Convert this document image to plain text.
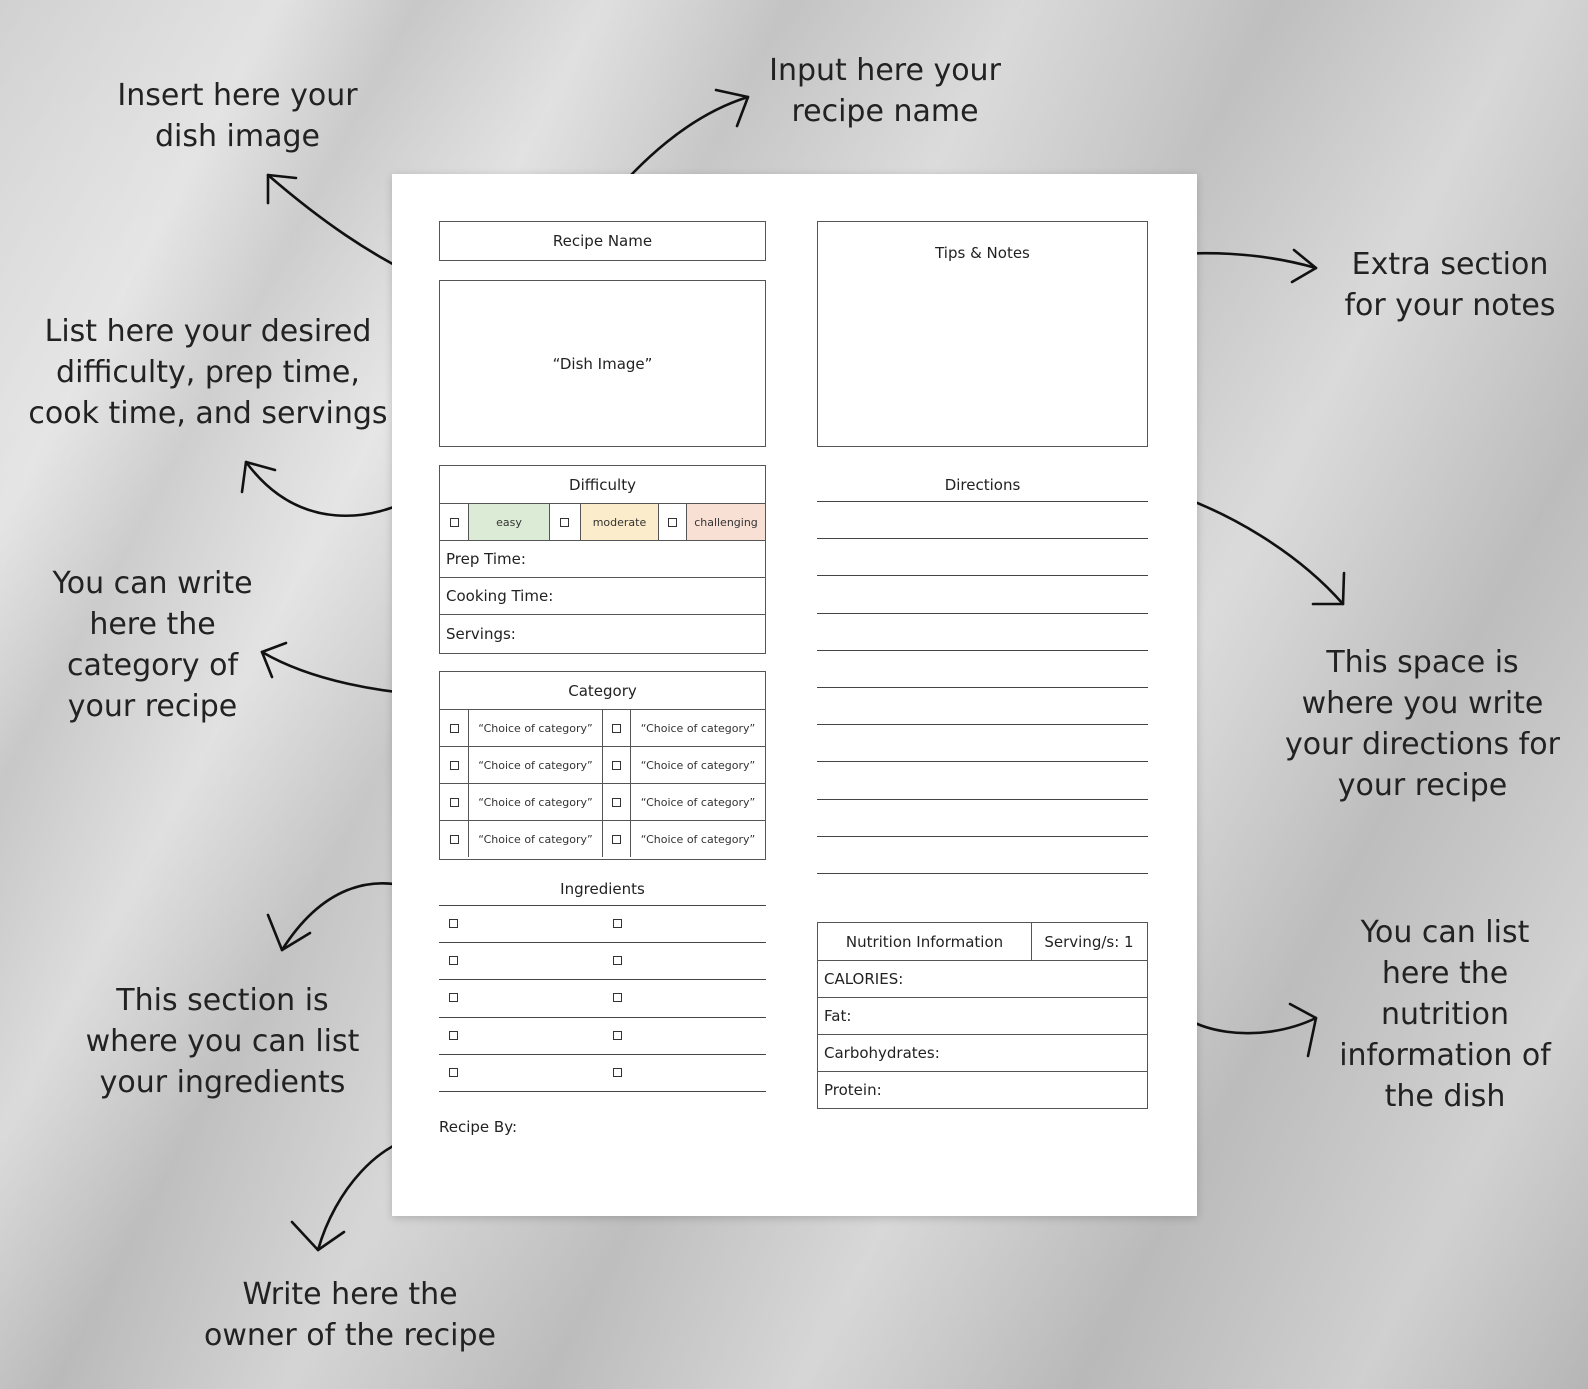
Insert here your
dish image
Input here your
recipe name
Extra section
for your notes
List here your desired
difficulty, prep time,
cook time, and servings
You can write
here the
category of
your recipe
This space is
where you write
your directions for
your recipe
This section is
where you can list
your ingredients
You can list
here the
nutrition
information of
the dish
Write here the
owner of the recipe
Recipe Name
“Dish Image”
Tips & Notes
Difficulty
easy	moderate	challenging
Prep Time:
Cooking Time:
Servings:
Directions
Category
“Choice of category”	“Choice of category”
“Choice of category”	“Choice of category”
“Choice of category”	“Choice of category”
“Choice of category”	“Choice of category”
Ingredients
Nutrition Information	Serving/s: 1
CALORIES:
Fat:
Carbohydrates:
Protein:
Recipe By:
